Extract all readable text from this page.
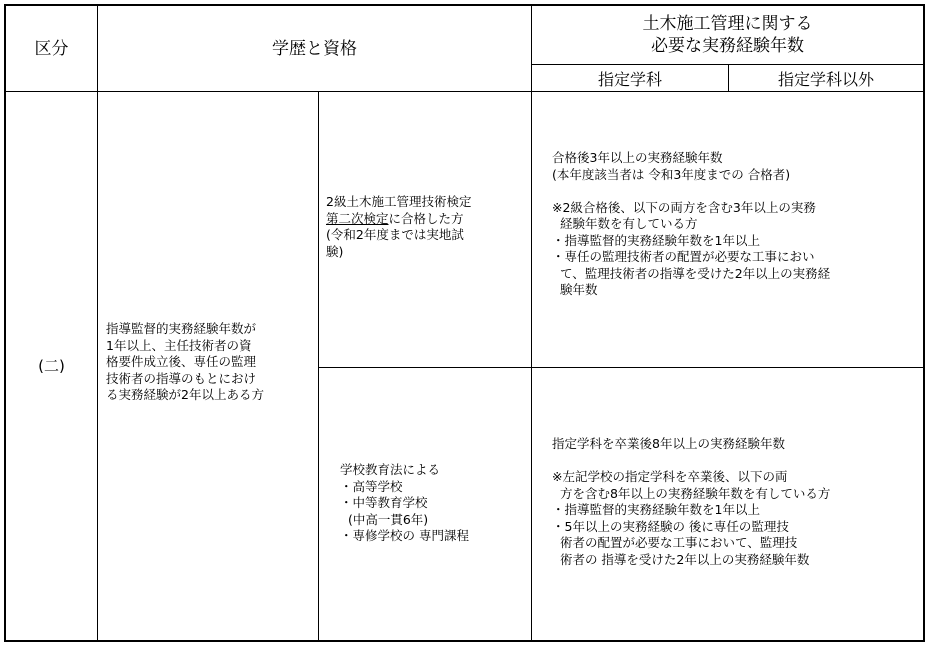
区分	学歴と資格
土木施工管理に関する
必要な実務経験年数
指定学科	指定学科以外
(二)
指導監督的実務経験年数が
1年以上、主任技術者の資
格要件成立後、専任の監理
技術者の指導のもとにおけ
る実務経験が2年以上ある方
2級土木施工管理技術検定
第二次検定に合格した方
(令和2年度までは実地試
験)
合格後3年以上の実務経験年数
(本年度該当者は 令和3年度までの 合格者)

※2級合格後、以下の両方を含む3年以上の実務
経験年数を有している方
・指導監督的実務経験年数を1年以上
・専任の監理技術者の配置が必要な工事におい
て、監理技術者の指導を受けた2年以上の実務経
験年数
学校教育法による
・高等学校
・中等教育学校
(中高一貫6年)
・専修学校の 専門課程
指定学科を卒業後8年以上の実務経験年数

※左記学校の指定学科を卒業後、以下の両
方を含む8年以上の実務経験年数を有している方
・指導監督的実務経験年数を1年以上
・5年以上の実務経験の 後に専任の監理技
術者の配置が必要な工事において、監理技
術者の 指導を受けた2年以上の実務経験年数
